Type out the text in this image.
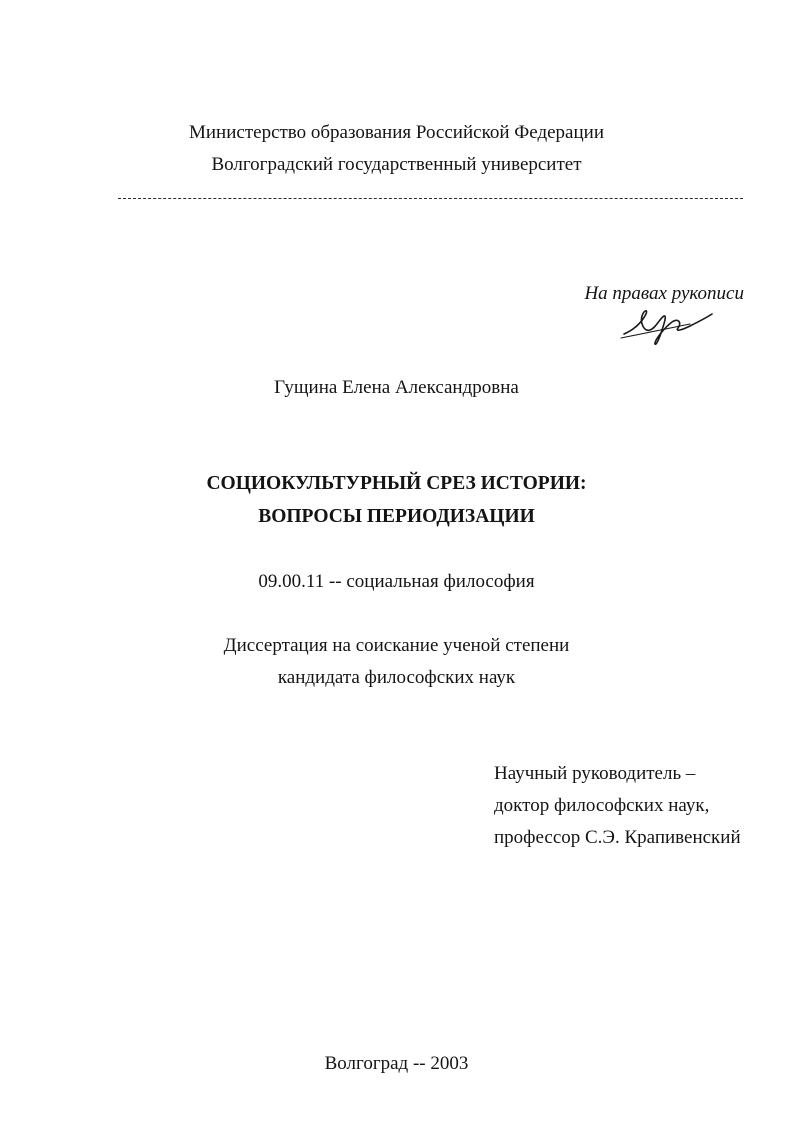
Министерство образования Российской Федерации
Волгоградский государственный университет
На правах рукописи
Гущина Елена Александровна
СОЦИОКУЛЬТУРНЫЙ СРЕЗ ИСТОРИИ:
ВОПРОСЫ ПЕРИОДИЗАЦИИ
09.00.11 -- социальная философия
Диссертация на соискание ученой степени
кандидата философских наук
Научный руководитель –
доктор философских наук,
профессор С.Э. Крапивенский
Волгоград -- 2003
